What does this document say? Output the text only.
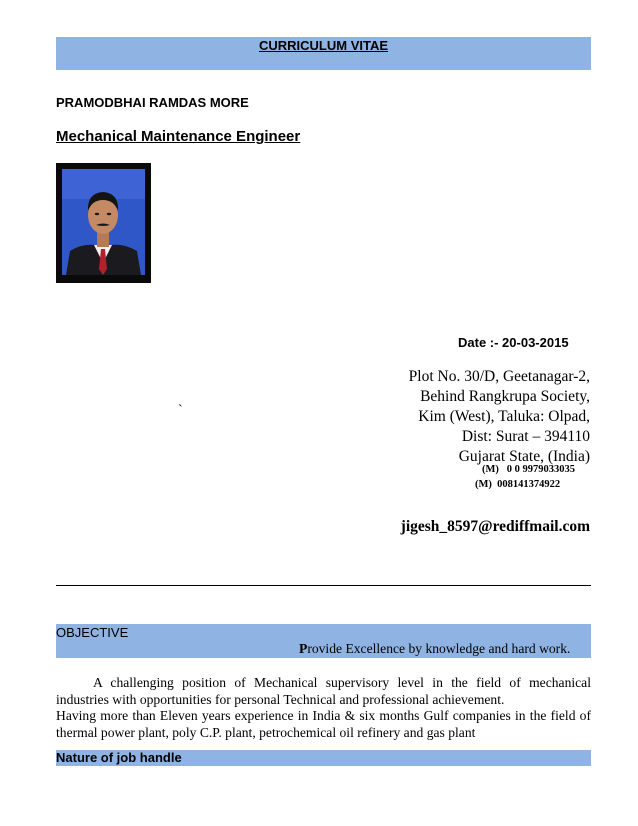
CURRICULUM VITAE
PRAMODBHAI RAMDAS MORE
Mechanical Maintenance Engineer
Date :- 20-03-2015
Plot No. 30/D, Geetanagar-2,
Behind Rangkrupa Society,
Kim (West), Taluka: Olpad,
Dist: Surat – 394110
Gujarat State, (India)
(M)   0 0 9979033035
(M)  008141374922
`
jigesh_8597@rediffmail.com
OBJECTIVE
Provide Excellence by knowledge and hard work.
A challenging position of Mechanical supervisory level in the field of mechanical industries with opportunities for personal Technical and professional achievement.
Having more than Eleven years experience in India & six months Gulf companies in the field of thermal power plant, poly C.P. plant, petrochemical oil refinery and gas plant
Nature of job handle
